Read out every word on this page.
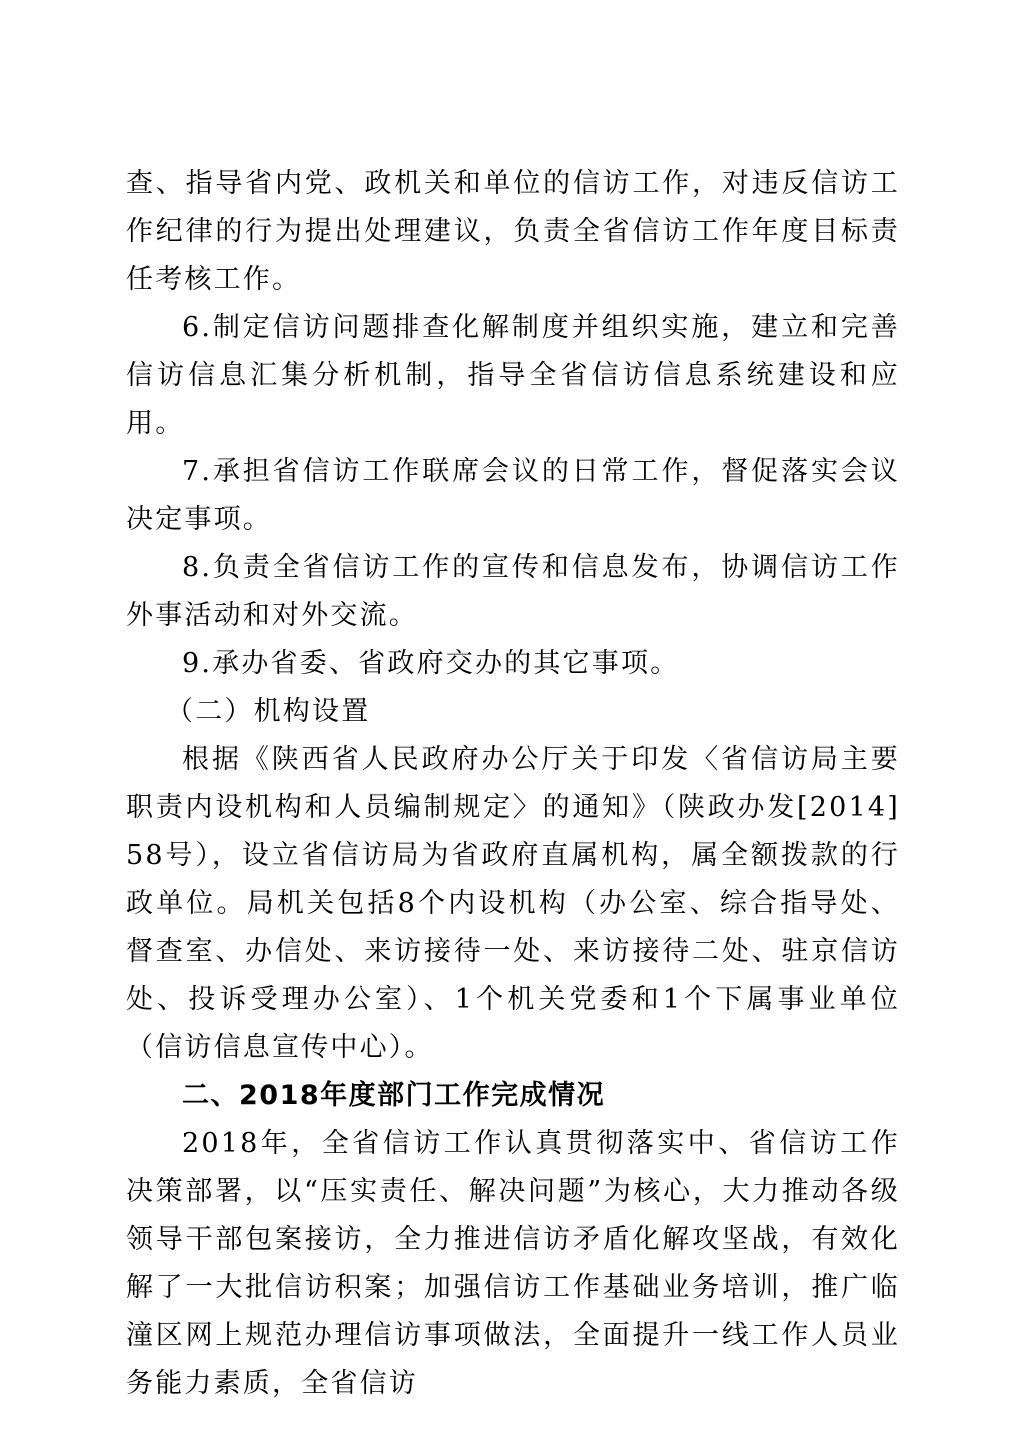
查、指导省内党、政机关和单位的信访工作，对违反信访工作纪律的行为提出处理建议，负责全省信访工作年度目标责任考核工作。

6.制定信访问题排查化解制度并组织实施，建立和完善信访信息汇集分析机制，指导全省信访信息系统建设和应用。

7.承担省信访工作联席会议的日常工作，督促落实会议决定事项。

8.负责全省信访工作的宣传和信息发布，协调信访工作外事活动和对外交流。

9.承办省委、省政府交办的其它事项。

（二）机构设置

根据《陕西省人民政府办公厅关于印发〈省信访局主要职责内设机构和人员编制规定〉的通知》（陕政办发[2014]58号），设立省信访局为省政府直属机构，属全额拨款的行政单位。局机关包括8个内设机构（办公室、综合指导处、督查室、办信处、来访接待一处、来访接待二处、驻京信访处、投诉受理办公室）、1个机关党委和1个下属事业单位（信访信息宣传中心）。

二、2018年度部门工作完成情况

2018年，全省信访工作认真贯彻落实中、省信访工作决策部署，以“压实责任、解决问题”为核心，大力推动各级领导干部包案接访，全力推进信访矛盾化解攻坚战，有效化解了一大批信访积案；加强信访工作基础业务培训，推广临潼区网上规范办理信访事项做法，全面提升一线工作人员业务能力素质，全省信访
